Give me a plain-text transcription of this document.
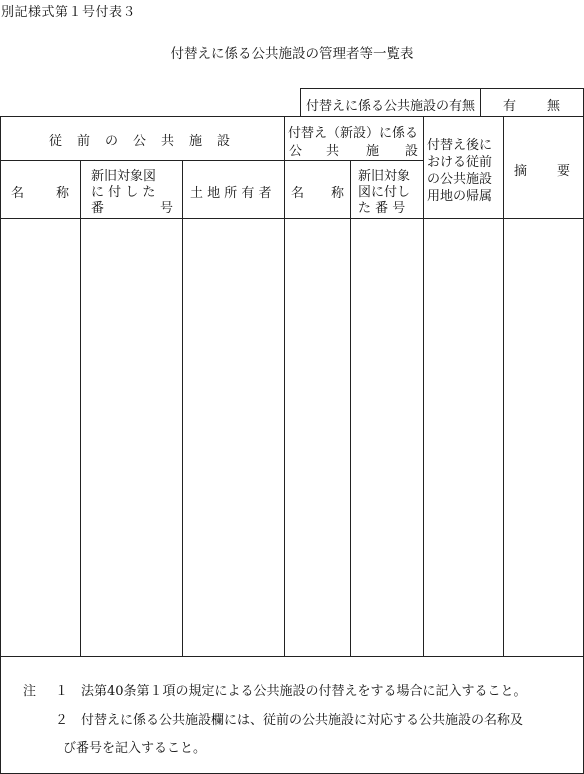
別記様式第１号付表３
付替えに係る公共施設の管理者等一覧表
付替えに係る公共施設の有無 有 無
従　前　の　公　共　施　設
付替え（新設）に係る
公 共 施 設
名 称
新旧対象図
に 付 し た
番	号
土 地 所 有 者 名 称
新旧対象
図に付し
た 番 号
付替え後に
おける従前
の公共施設
用地の帰属
摘 要
注 １ 法第40条第１項の規定による公共施設の付替えをする場合に記入すること。
２ 付替えに係る公共施設欄には、従前の公共施設に対応する公共施設の名称及
び番号を記入すること。
